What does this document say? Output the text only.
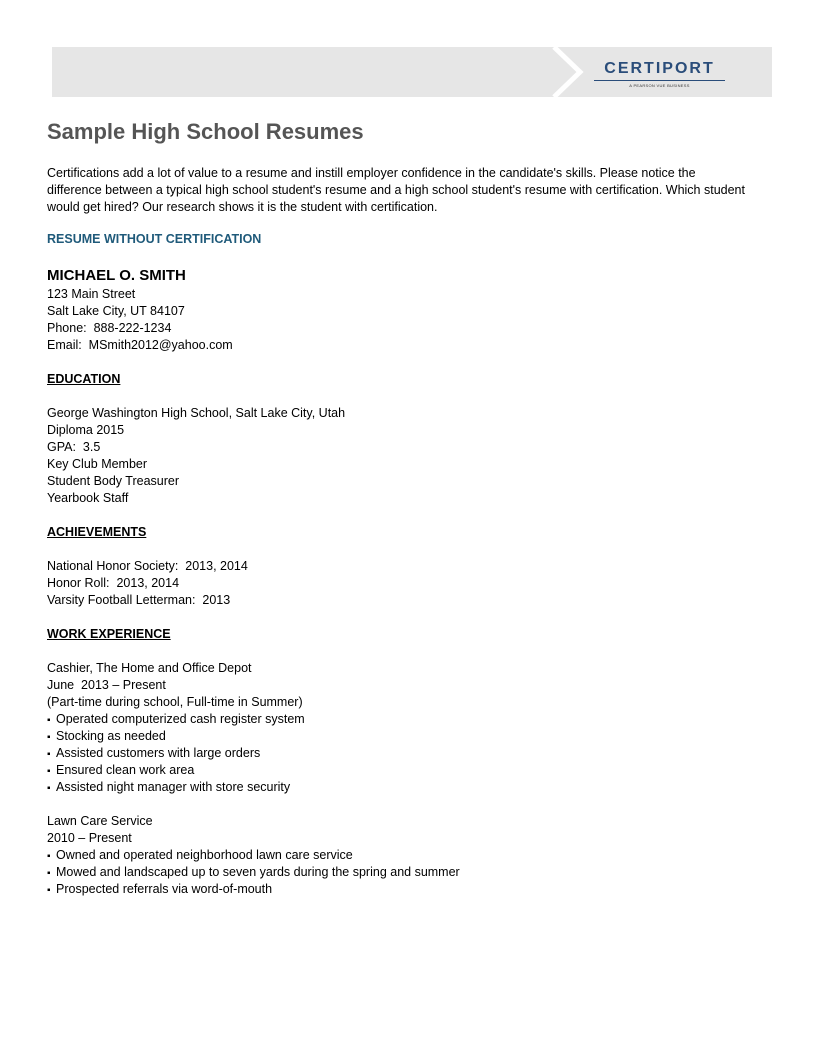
CERTIPORT
A PEARSON VUE BUSINESS
Sample High School Resumes

Certifications add a lot of value to a resume and instill employer confidence in the candidate's skills. Please notice the difference between a typical high school student's resume and a high school student's resume with certification. Which student would get hired? Our research shows it is the student with certification.

RESUME WITHOUT CERTIFICATION

MICHAEL O. SMITH
123 Main Street
Salt Lake City, UT 84107
Phone:  888-222-1234
Email:  MSmith2012@yahoo.com
EDUCATION
George Washington High School, Salt Lake City, Utah
Diploma 2015
GPA:  3.5
Key Club Member
Student Body Treasurer
Yearbook Staff
ACHIEVEMENTS
National Honor Society:  2013, 2014
Honor Roll:  2013, 2014
Varsity Football Letterman:  2013
WORK EXPERIENCE
Cashier, The Home and Office Depot
June  2013 – Present
(Part-time during school, Full-time in Summer)
▪ Operated computerized cash register system
▪ Stocking as needed
▪ Assisted customers with large orders
▪ Ensured clean work area
▪ Assisted night manager with store security
Lawn Care Service
2010 – Present
▪ Owned and operated neighborhood lawn care service
▪ Mowed and landscaped up to seven yards during the spring and summer
▪ Prospected referrals via word-of-mouth
